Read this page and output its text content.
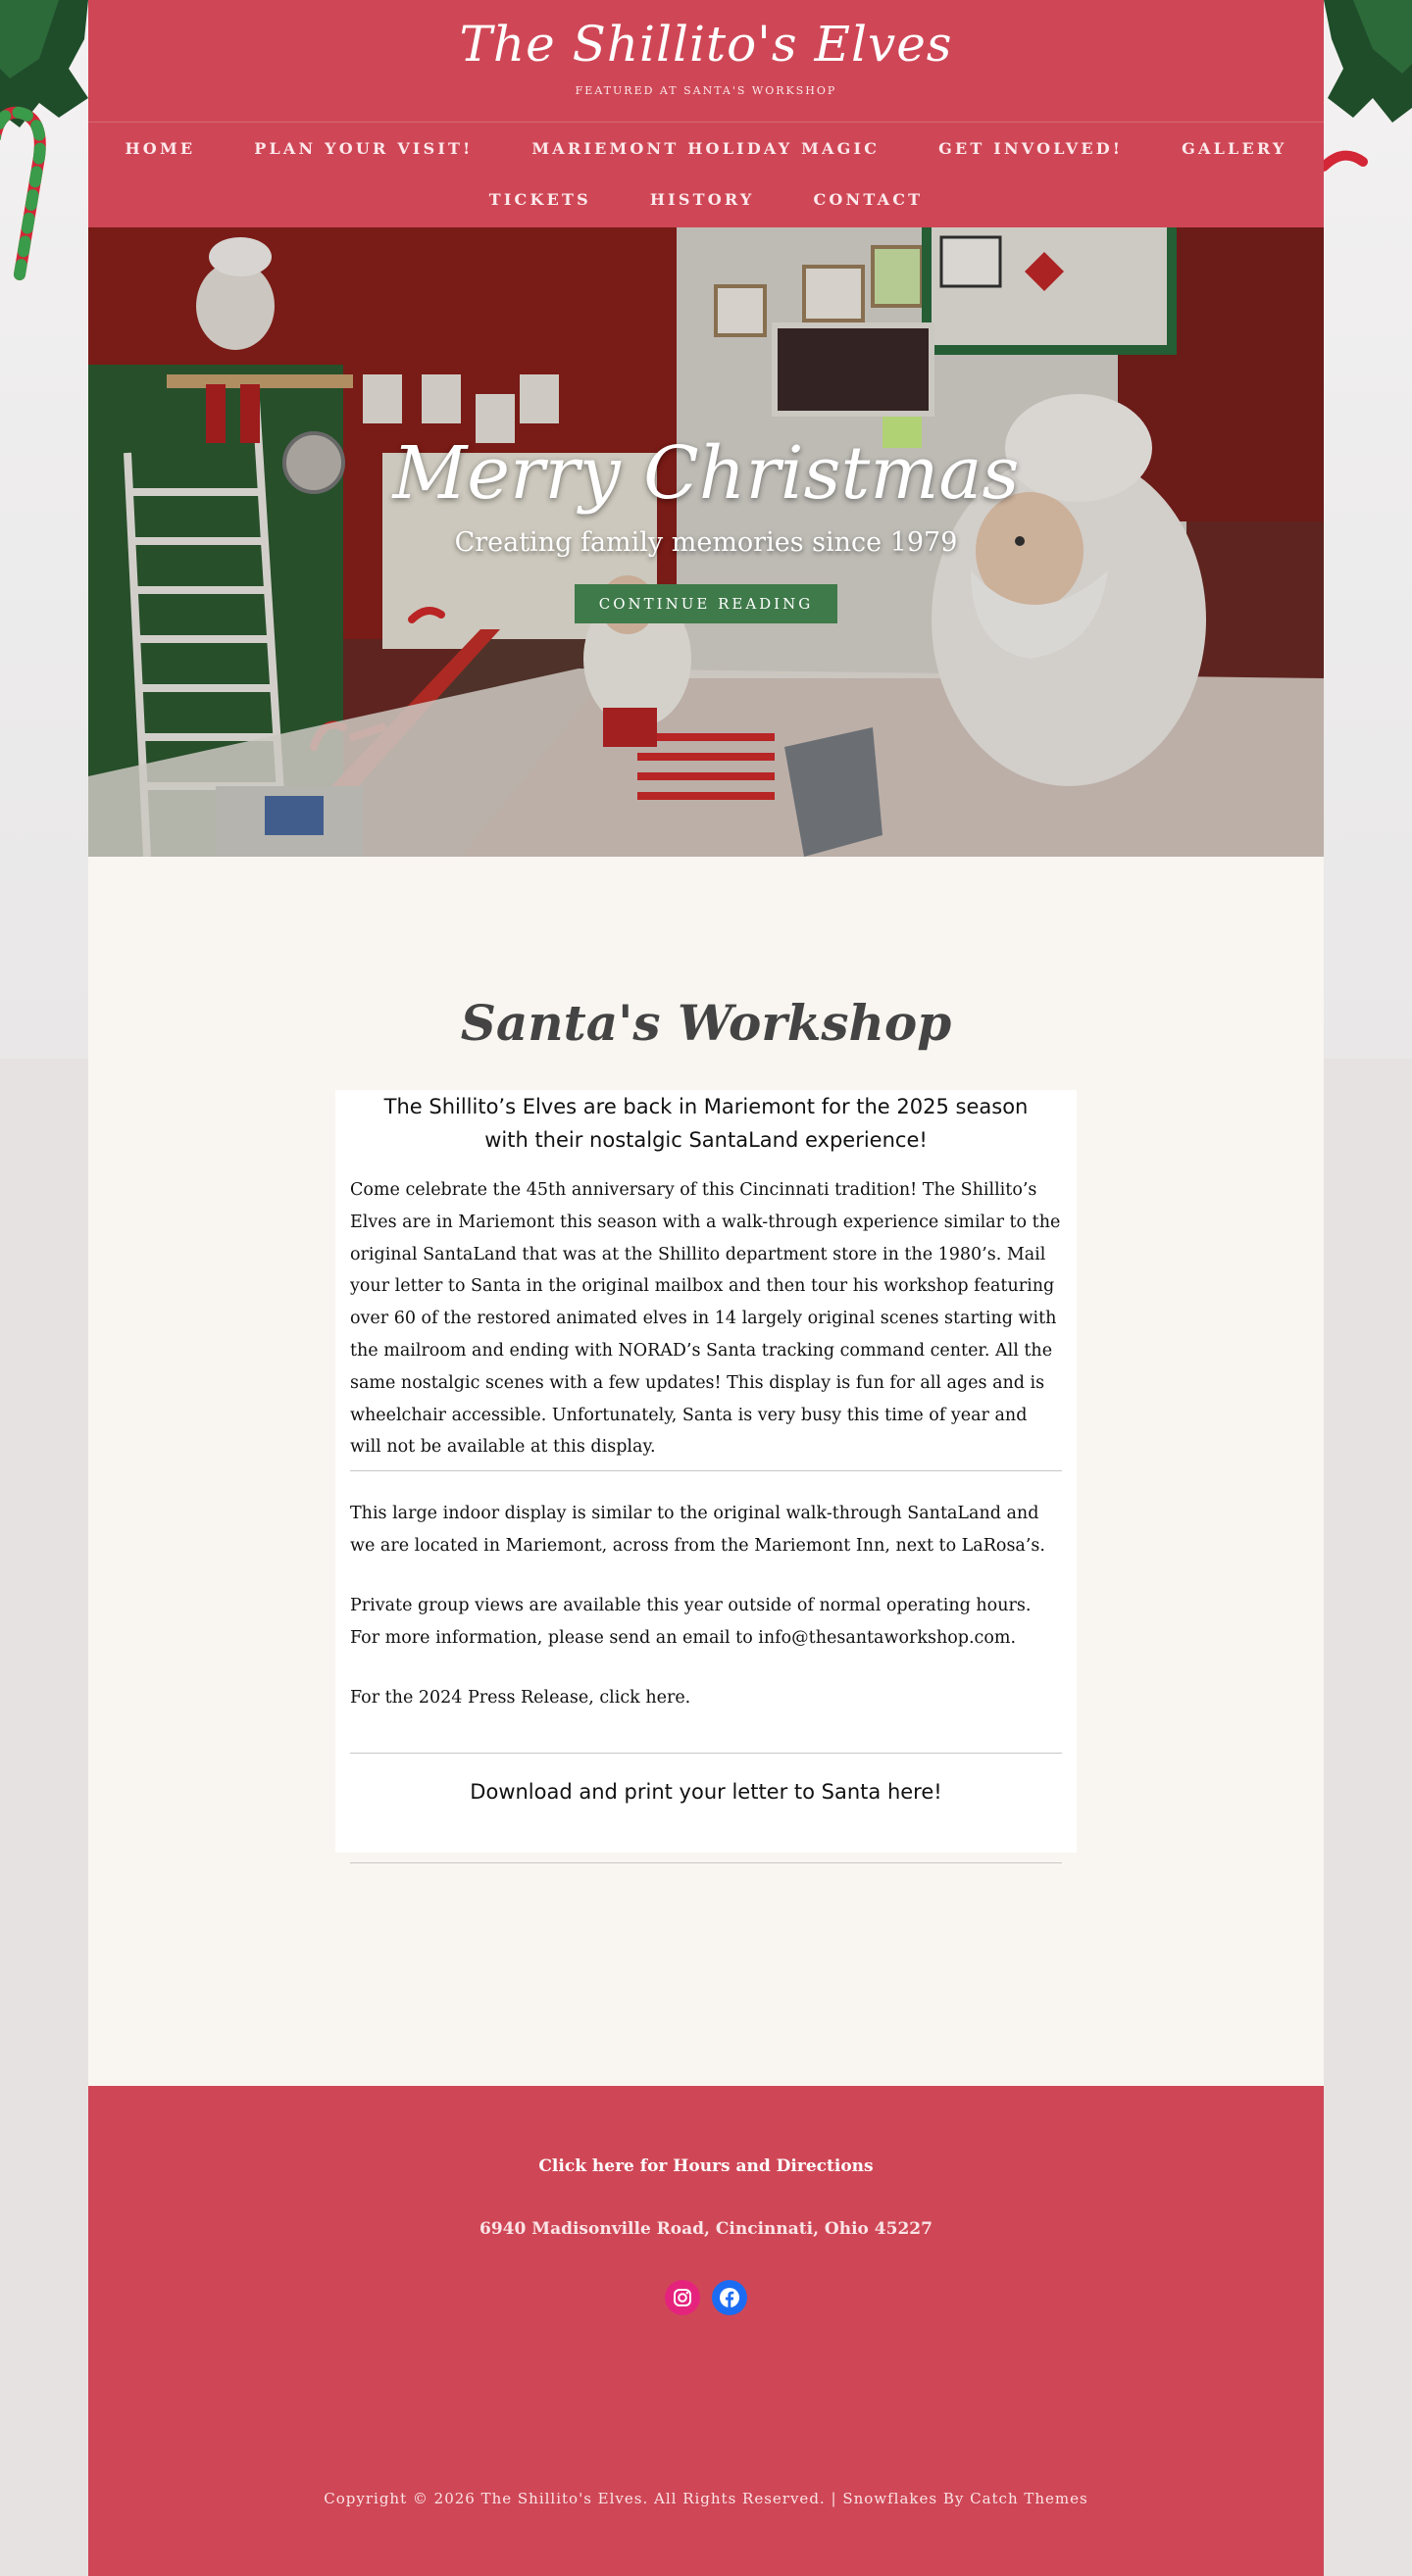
The Shillito's Elves
FEATURED AT SANTA'S WORKSHOP
HOME	PLAN YOUR VISIT!	MARIEMONT HOLIDAY MAGIC	GET INVOLVED!	GALLERY
TICKETS	HISTORY	CONTACT
Merry Christmas
Creating family memories since 1979
CONTINUE READING
Santa's Workshop
The Shillito’s Elves are back in Mariemont for the 2025 season with their nostalgic SantaLand experience!

Come celebrate the 45th anniversary of this Cincinnati tradition! The Shillito’s Elves are in Mariemont this season with a walk-through experience similar to the original SantaLand that was at the Shillito department store in the 1980’s. Mail your letter to Santa in the original mailbox and then tour his workshop featuring over 60 of the restored animated elves in 14 largely original scenes starting with the mailroom and ending with NORAD’s Santa tracking command center. All the same nostalgic scenes with a few updates! This display is fun for all ages and is wheelchair accessible. Unfortunately, Santa is very busy this time of year and will not be available at this display.

This large indoor display is similar to the original walk-through SantaLand and we are located in Mariemont, across from the Mariemont Inn, next to LaRosa’s.

Private group views are available this year outside of normal operating hours. For more information, please send an email to info@thesantaworkshop.com.

For the 2024 Press Release, click here.

Download and print your letter to Santa here!
Click here for Hours and Directions
6940 Madisonville Road, Cincinnati, Ohio 45227
Copyright © 2026 The Shillito's Elves. All Rights Reserved. | Snowflakes By Catch Themes
